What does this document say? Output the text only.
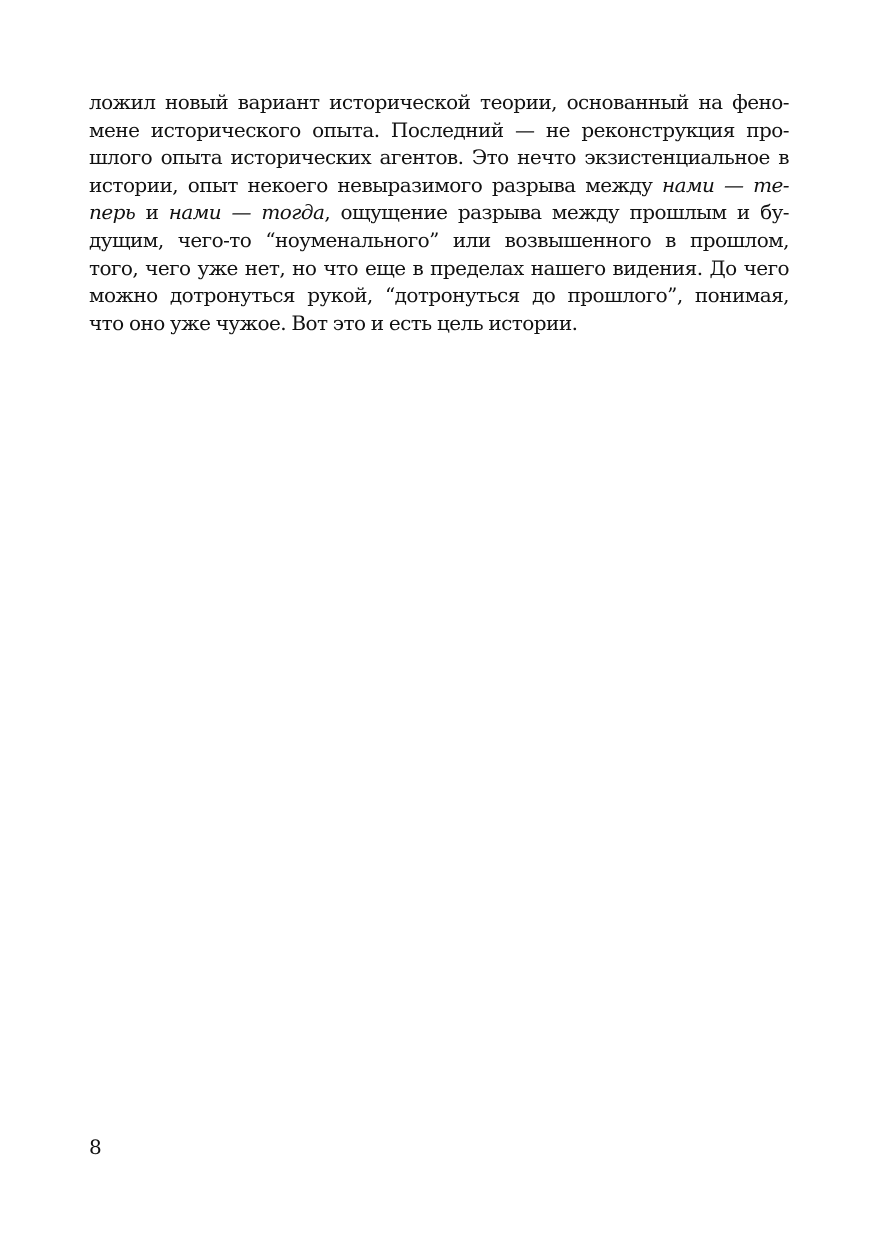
ложил новый вариант исторической теории, основанный на фено-
мене исторического опыта. Последний — не реконструкция про-
шлого опыта исторических агентов. Это нечто экзистенциальное в
истории, опыт некоего невыразимого разрыва между нами — те-
перь и нами — тогда, ощущение разрыва между прошлым и бу-
дущим, чего-то “ноуменального” или возвышенного в прошлом,
того, чего уже нет, но что еще в пределах нашего видения. До чего
можно дотронуться рукой, “дотронуться до прошлого”, понимая,
что оно уже чужое. Вот это и есть цель истории.
8
